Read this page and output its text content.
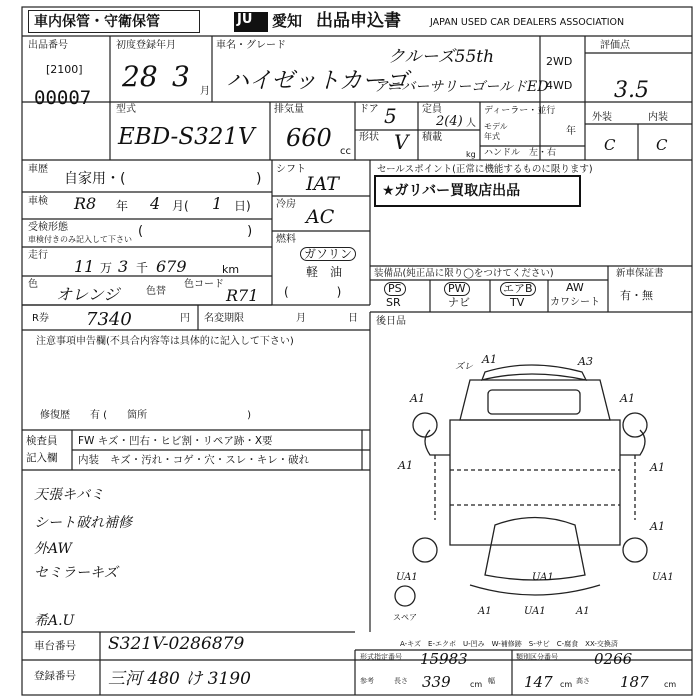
車内保管・守衛保管	JU 愛知 出品申込書	JAPAN USED CAR DEALERS ASSOCIATION
出品番号
[2100]
00007
初度登録年月
28 3 月
車名・グレード
クルーズ55th
ハイゼットカーゴ
アニバーサリーゴールドED
2WD
4WD
評価点
3.5
型式
EBD-S321V
排気量
660 cc
ドア 5
形状 V
定員
2(4) 人
積載
kg
ディーラー・並行
モデル年式	年
ハンドル　左・右
外装	内装
C	C
車歴
自家用・(	)
車検 R8 年 4 月( 1 日)
受検形態
車検付きのみ記入して下さい
(　　　　　　　　)
走行
11 万 3 千 679	km
色
オレンジ	色替
色コード
R71
シフト
IAT
冷房
AC
燃料
ガソリン
軽　油
(　　　　)
セールスポイント(正常に機能するものに限ります)
★ガリバー買取店出品
装備品(純正品に限り◯をつけてください)
PS	PW	エアB	AW
SR	ナビ	TV	カワシート
新車保証書
有・無
R券 7340	円 名変期限	月	日
注意事項申告欄(不具合内容等は具体的に記入して下さい)
修復歴　　有 (　　箇所　　　　　　　　　　)
後日品
検査員
記入欄
FW キズ・凹右・ヒビ割・リペア跡・X要
内装 キズ・汚れ・コゲ・穴・スレ・キレ・破れ
天張キバミ
シート破れ補修
外AW
セミラーキズ
希A.U
ズレ
A1	A3
A1	A1
A1	A1
A1
UA1	UA1	UA1
A1	UA1	A1
スペア
A-キズ　E-エクボ　U-凹み　W-補修跡　S-サビ　C-腐食　XX-交換済
車台番号 S321V-0286879
登録番号 三河 480 け 3190
形式指定番号 15983	類別区分番号 0266
参考	長さ 339 cm 幅 147 cm 高さ 187 cm
